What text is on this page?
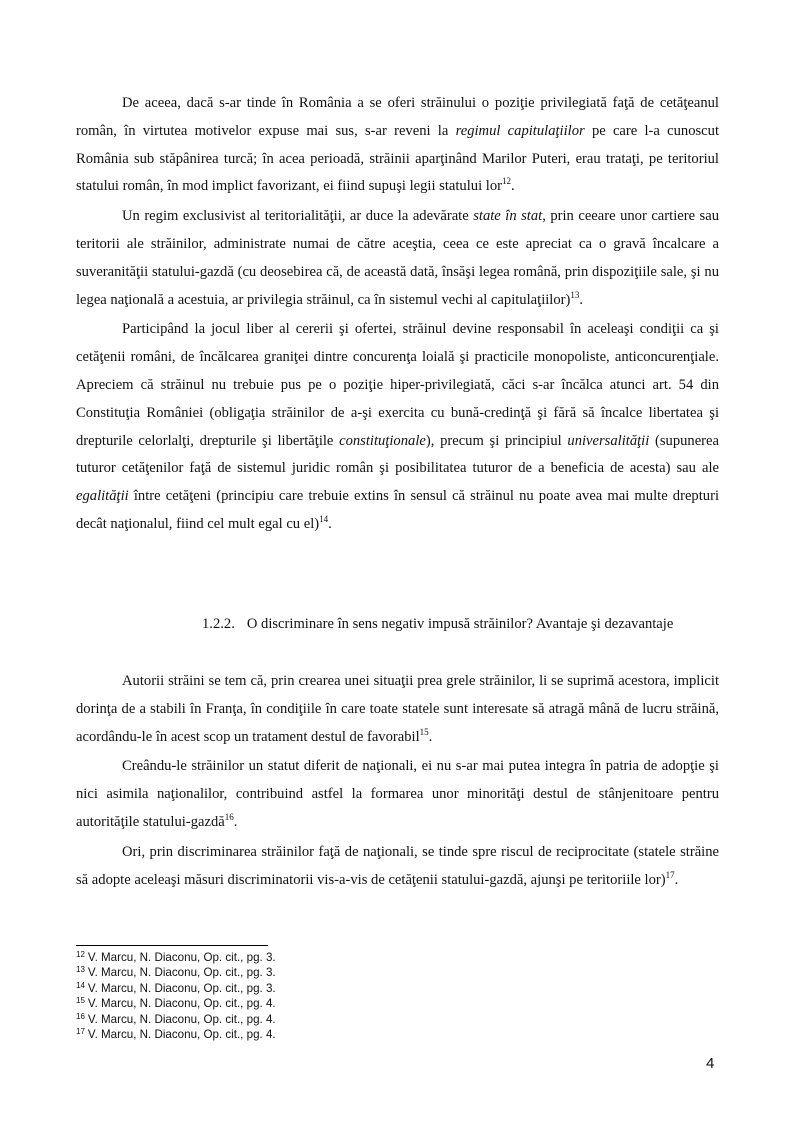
De aceea, dacă s-ar tinde în România a se oferi străinului o poziţie privilegiată faţă de cetăţeanul român, în virtutea motivelor expuse mai sus, s-ar reveni la regimul capitulaţiilor pe care l-a cunoscut România sub stăpânirea turcă; în acea perioadă, străinii aparţinând Marilor Puteri, erau trataţi, pe teritoriul statului român, în mod implict favorizant, ei fiind supuşi legii statului lor$^{12}$.

Un regim exclusivist al teritorialităţii, ar duce la adevărate state în stat, prin ceeare unor cartiere sau teritorii ale străinilor, administrate numai de către aceştia, ceea ce este apreciat ca o gravă încalcare a suveranităţii statului-gazdă (cu deosebirea că, de această dată, însăşi legea română, prin dispoziţiile sale, şi nu legea naţională a acestuia, ar privilegia străinul, ca în sistemul vechi al capitulaţiilor)$^{13}$.

Participând la jocul liber al cererii şi ofertei, străinul devine responsabil în aceleaşi condiţii ca şi cetăţenii români, de încălcarea graniţei dintre concurenţa loială şi practicile monopoliste, anticoncurenţiale. Apreciem că străinul nu trebuie pus pe o poziţie hiper-privilegiată, căci s-ar încălca atunci art. 54 din Constituţia României (obligaţia străinilor de a-şi exercita cu bună-credinţă şi fără să încalce libertatea şi drepturile celorlalţi, drepturile şi libertăţile constituţionale), precum şi principiul universalităţii (supunerea tuturor cetăţenilor faţă de sistemul juridic român şi posibilitatea tuturor de a beneficia de acesta) sau ale egalităţii între cetăţeni (principiu care trebuie extins în sensul că străinul nu poate avea mai multe drepturi decât naţionalul, fiind cel mult egal cu el)$^{14}$.

1.2.2. O discriminare în sens negativ impusă străinilor? Avantaje şi dezavantaje

Autorii străini se tem că, prin crearea unei situaţii prea grele străinilor, li se suprimă acestora, implicit dorinţa de a stabili în Franţa, în condiţiile în care toate statele sunt interesate să atragă mână de lucru străină, acordându-le în acest scop un tratament destul de favorabil$^{15}$.

Creându-le străinilor un statut diferit de naţionali, ei nu s-ar mai putea integra în patria de adopţie şi nici asimila naţionalilor, contribuind astfel la formarea unor minorităţi destul de stânjenitoare pentru autorităţile statului-gazdă$^{16}$.

Ori, prin discriminarea străinilor faţă de naţionali, se tinde spre riscul de reciprocitate (statele străine să adopte aceleaşi măsuri discriminatorii vis-a-vis de cetăţenii statului-gazdă, ajunşi pe teritoriile lor)$^{17}$.

$^{12}$ V. Marcu, N. Diaconu, Op. cit., pg. 3.
$^{13}$ V. Marcu, N. Diaconu, Op. cit., pg. 3.
$^{14}$ V. Marcu, N. Diaconu, Op. cit., pg. 3.
$^{15}$ V. Marcu, N. Diaconu, Op. cit., pg. 4.
$^{16}$ V. Marcu, N. Diaconu, Op. cit., pg. 4.
$^{17}$ V. Marcu, N. Diaconu, Op. cit., pg. 4.
4
